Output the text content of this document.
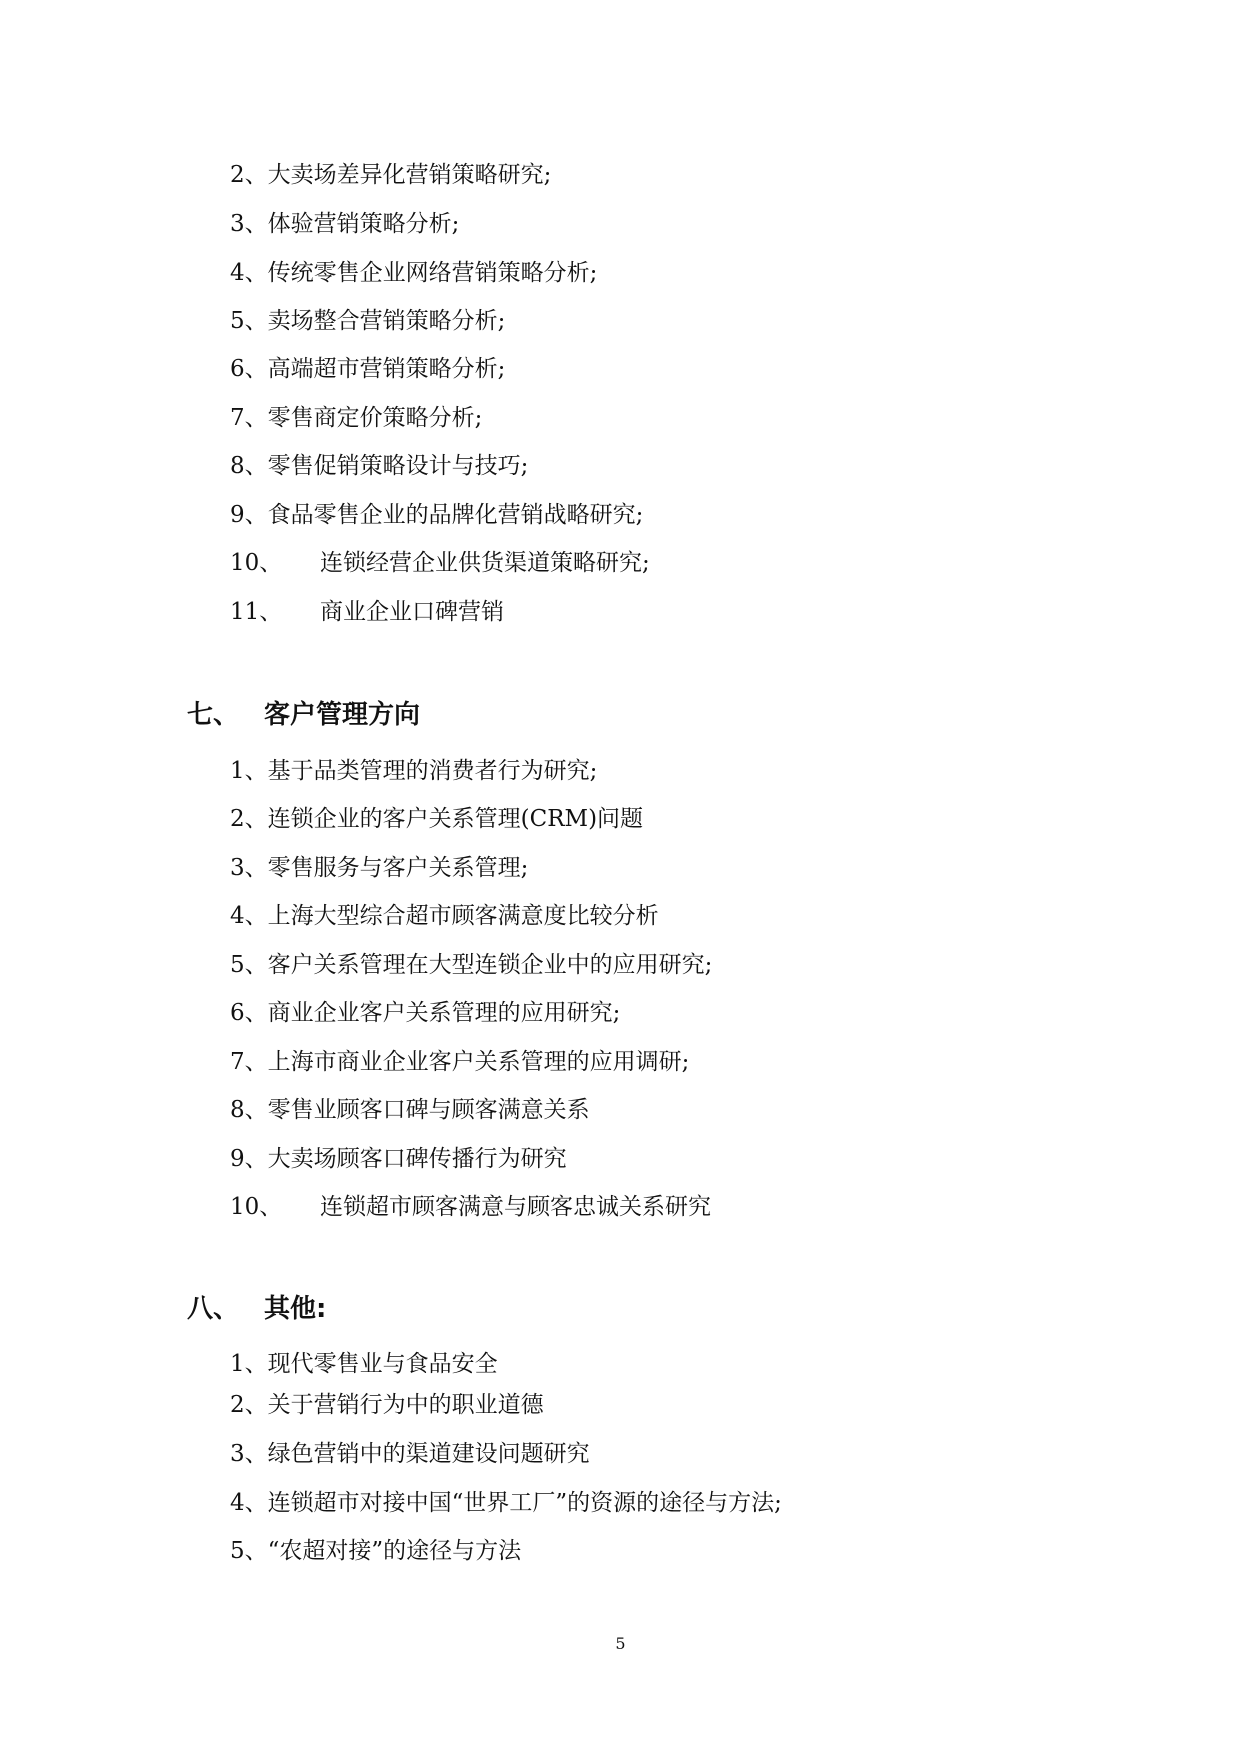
2、大卖场差异化营销策略研究;
3、体验营销策略分析;
4、传统零售企业网络营销策略分析;
5、卖场整合营销策略分析;
6、高端超市营销策略分析;
7、零售商定价策略分析;
8、零售促销策略设计与技巧;
9、食品零售企业的品牌化营销战略研究;
10、 连锁经营企业供货渠道策略研究;
11、 商业企业口碑营销
七、 客户管理方向
1、基于品类管理的消费者行为研究;
2、连锁企业的客户关系管理(CRM)问题
3、零售服务与客户关系管理;
4、上海大型综合超市顾客满意度比较分析
5、客户关系管理在大型连锁企业中的应用研究;
6、商业企业客户关系管理的应用研究;
7、上海市商业企业客户关系管理的应用调研;
8、零售业顾客口碑与顾客满意关系
9、大卖场顾客口碑传播行为研究
10、 连锁超市顾客满意与顾客忠诚关系研究
八、 其他:
1、现代零售业与食品安全
2、关于营销行为中的职业道德
3、绿色营销中的渠道建设问题研究
4、连锁超市对接中国“世界工厂”的资源的途径与方法;
5、“农超对接”的途径与方法
5
